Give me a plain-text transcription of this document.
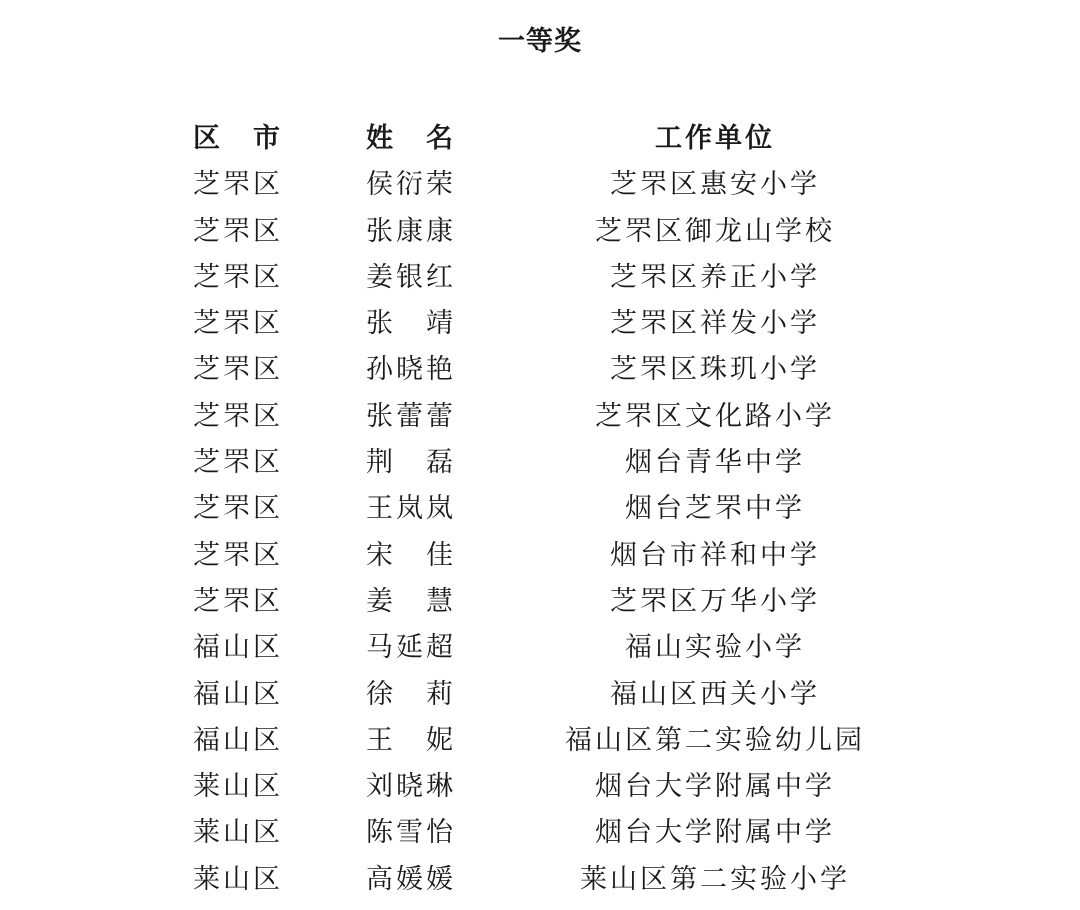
一等奖
区 市	姓 名	工作单位
芝罘区	侯衍荣	芝罘区惠安小学
芝罘区	张康康	芝罘区御龙山学校
芝罘区	姜银红	芝罘区养正小学
芝罘区	张 靖	芝罘区祥发小学
芝罘区	孙晓艳	芝罘区珠玑小学
芝罘区	张蕾蕾	芝罘区文化路小学
芝罘区	荆 磊	烟台青华中学
芝罘区	王岚岚	烟台芝罘中学
芝罘区	宋 佳	烟台市祥和中学
芝罘区	姜 慧	芝罘区万华小学
福山区	马延超	福山实验小学
福山区	徐 莉	福山区西关小学
福山区	王 妮	福山区第二实验幼儿园
莱山区	刘晓琳	烟台大学附属中学
莱山区	陈雪怡	烟台大学附属中学
莱山区	高媛媛	莱山区第二实验小学
